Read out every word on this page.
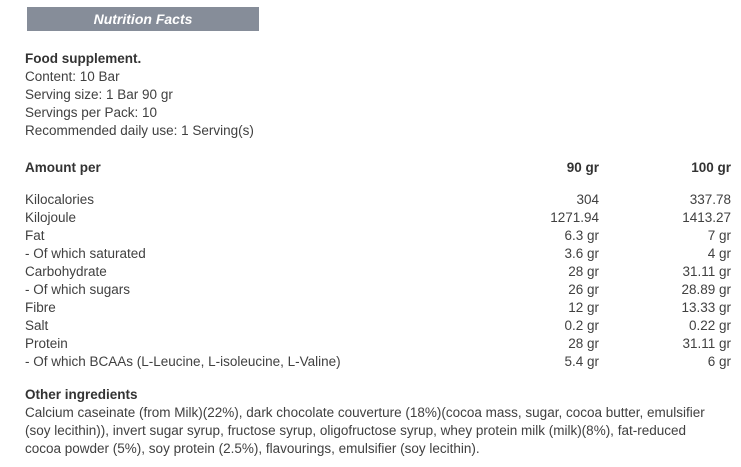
Nutrition Facts
Food supplement.
Content: 10 Bar
Serving size: 1 Bar 90 gr
Servings per Pack: 10
Recommended daily use: 1 Serving(s)
Amount per	90 gr	100 gr
Kilocalories	304	337.78
Kilojoule	1271.94	1413.27
Fat	6.3 gr	7 gr
- Of which saturated	3.6 gr	4 gr
Carbohydrate	28 gr	31.11 gr
- Of which sugars	26 gr	28.89 gr
Fibre	12 gr	13.33 gr
Salt	0.2 gr	0.22 gr
Protein	28 gr	31.11 gr
- Of which BCAAs (L-Leucine, L-isoleucine, L-Valine)	5.4 gr	6 gr
Other ingredients
Calcium caseinate (from Milk)(22%), dark chocolate couverture (18%)(cocoa mass, sugar, cocoa butter, emulsifier (soy lecithin)), invert sugar syrup, fructose syrup, oligofructose syrup, whey protein milk (milk)(8%), fat-reduced cocoa powder (5%), soy protein (2.5%), flavourings, emulsifier (soy lecithin).
